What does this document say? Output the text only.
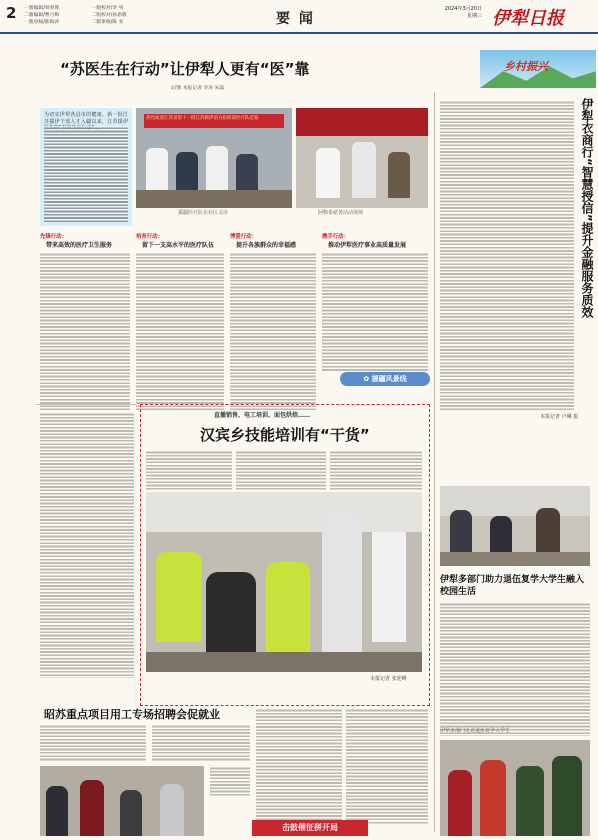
2 一版编辑/刘春蓉	一版校对/李 男
二版编辑/曹月梅	二版校对/孙思敬
一版审核/陈海涛	二版审核/陈 亚	要 闻
2024年3月20日
星期三 伊犁日报
乡村振兴
“苏医生在行动”让伊犁人更有“医”靠
文/图 本报记者 李涛 朱磊
为切实伊犁各县市的健康，新一批江苏援伊干部人才入疆以来，江苏援伊	热烈欢迎江苏省第十一批江苏援伊前方指挥部医疗队莅临
援疆医疗队在社区义诊	阿勒泰慈善活动现场
先锋行动：
带来高效的医疗卫生服务
培育行动：
留下一支高水平的医疗队伍
博爱行动：
提升各族群众的幸福感
携手行动：
推动伊犁医疗事业高质量发展
✿ 援疆风景线
伊犁衣商行“智慧授信”提升金融服务质效
本报记者 卢琳 报
直播销售、电工培训、面包烘焙……
汉宾乡技能培训有“干货”
本报记者 张迎峰
昭苏重点项目用工专场招聘会促就业
击鼓催征拼开局
伊犁多部门助力退伍复学大学生融入校园生活
伊犁多部门走访退伍复学大学生
